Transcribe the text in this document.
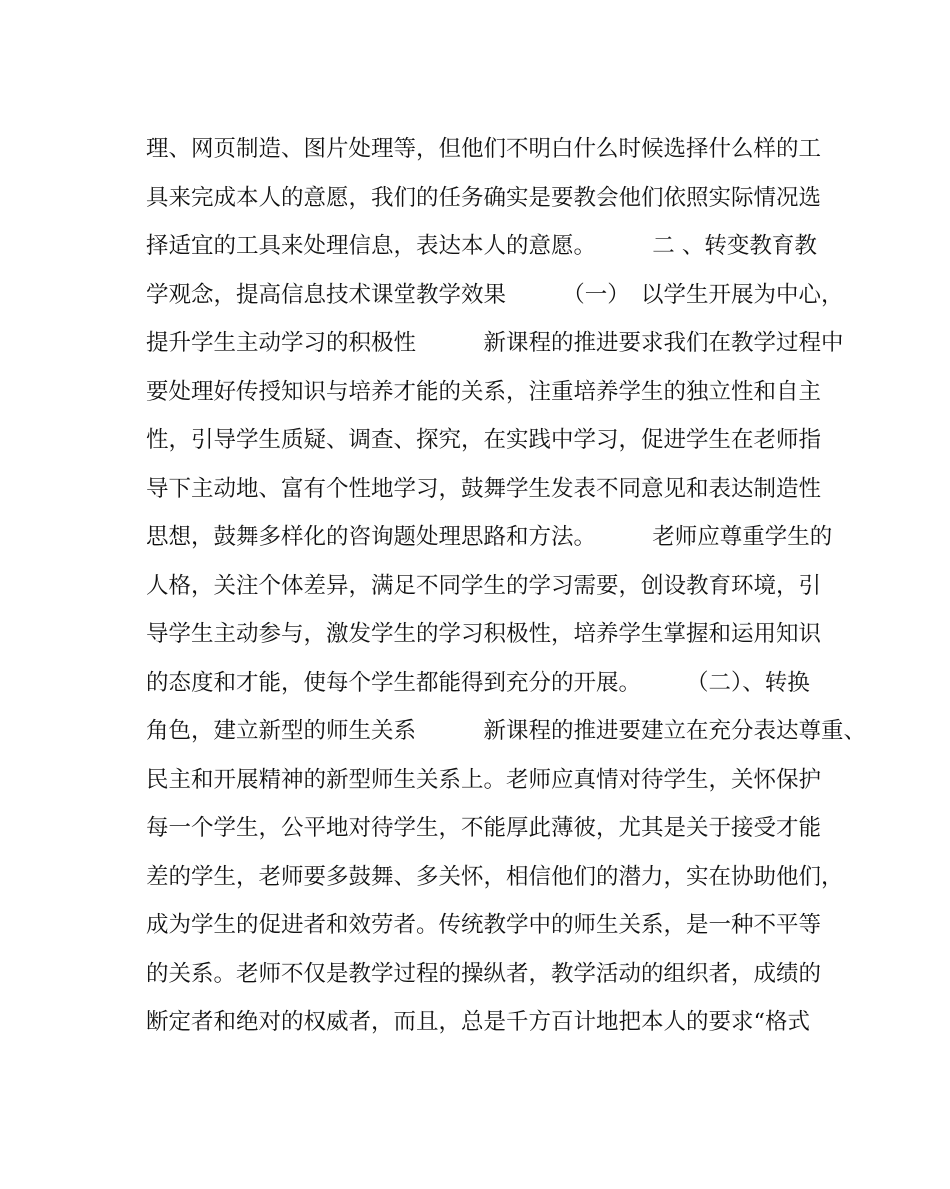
理、网页制造、图片处理等，但他们不明白什么时候选择什么样的工
具来完成本人的意愿，我们的任务确实是要教会他们依照实际情况选
择适宜的工具来处理信息，表达本人的意愿。　　　二 、转变教育教
学观念，提高信息技术课堂教学效果　　　（一）　以学生开展为中心，
提升学生主动学习的积极性　　　新课程的推进要求我们在教学过程中
要处理好传授知识与培养才能的关系，注重培养学生的独立性和自主
性，引导学生质疑、调查、探究，在实践中学习，促进学生在老师指
导下主动地、富有个性地学习，鼓舞学生发表不同意见和表达制造性
思想，鼓舞多样化的咨询题处理思路和方法。　　　老师应尊重学生的
人格，关注个体差异，满足不同学生的学习需要，创设教育环境，引
导学生主动参与，激发学生的学习积极性，培养学生掌握和运用知识
的态度和才能，使每个学生都能得到充分的开展。　　　（二）、转换
角色，建立新型的师生关系　　　新课程的推进要建立在充分表达尊重、
民主和开展精神的新型师生关系上。老师应真情对待学生，关怀保护
每一个学生，公平地对待学生，不能厚此薄彼，尤其是关于接受才能
差的学生，老师要多鼓舞、多关怀，相信他们的潜力，实在协助他们，
成为学生的促进者和效劳者。传统教学中的师生关系，是一种不平等
的关系。老师不仅是教学过程的操纵者，教学活动的组织者，成绩的
断定者和绝对的权威者，而且，总是千方百计地把本人的要求“格式
